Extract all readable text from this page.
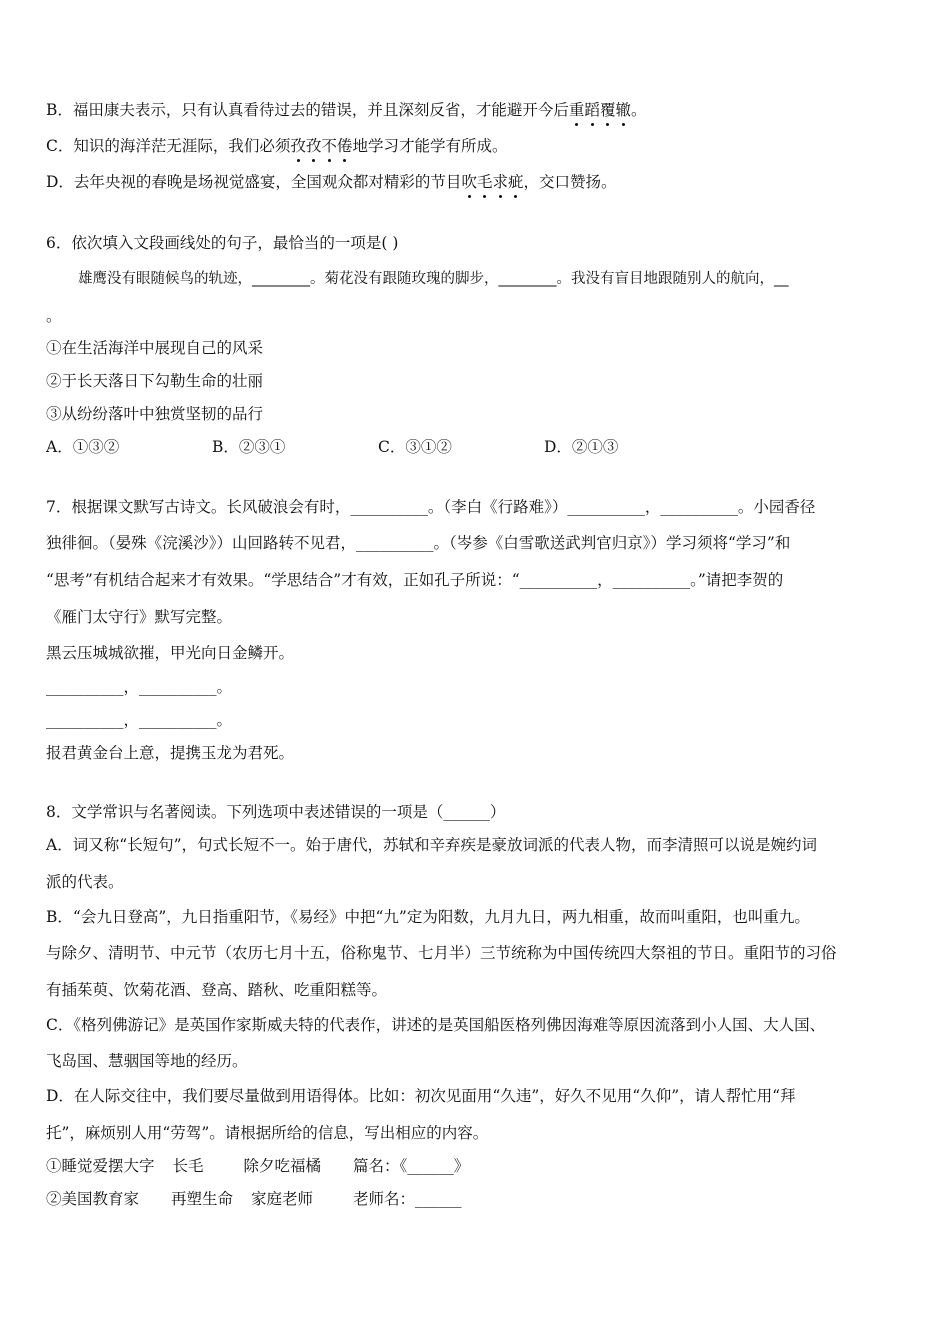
B．福田康夫表示，只有认真看待过去的错误，并且深刻反省，才能避开今后重蹈覆辙。
C．知识的海洋茫无涯际，我们必须孜孜不倦地学习才能学有所成。
D．去年央视的春晚是场视觉盛宴，全国观众都对精彩的节目吹毛求疵，交口赞扬。
6．依次填入文段画线处的句子，最恰当的一项是( )
雄鹰没有眼随候鸟的轨迹，________。菊花没有跟随玫瑰的脚步，________。我没有盲目地跟随别人的航向，__
。
①在生活海洋中展现自己的风采
②于长天落日下勾勒生命的壮丽
③从纷纷落叶中独赏坚韧的品行
A．①③②	B．②③①	C．③①②	D．②①③
7．根据课文默写古诗文。长风破浪会有时，__________。（李白《行路难》）__________，__________。小园香径
独徘徊。（晏殊《浣溪沙》）山回路转不见君，__________。（岑参《白雪歌送武判官归京》）学习须将“学习”和
“思考”有机结合起来才有效果。“学思结合”才有效，正如孔子所说：“__________，__________。”请把李贺的
《雁门太守行》默写完整。
黑云压城城欲摧，甲光向日金鳞开。
__________，__________。
__________，__________。
报君黄金台上意，提携玉龙为君死。
8．文学常识与名著阅读。下列选项中表述错误的一项是（______）
A．词又称“长短句”，句式长短不一。始于唐代，苏轼和辛弃疾是豪放词派的代表人物，而李清照可以说是婉约词
派的代表。
B．“会九日登高”，九日指重阳节，《易经》中把“九”定为阳数，九月九日，两九相重，故而叫重阳，也叫重九。
与除夕、清明节、中元节（农历七月十五，俗称鬼节、七月半）三节统称为中国传统四大祭祖的节日。重阳节的习俗
有插茱萸、饮菊花酒、登高、踏秋、吃重阳糕等。
C．《格列佛游记》是英国作家斯威夫特的代表作，讲述的是英国船医格列佛因海难等原因流落到小人国、大人国、
飞岛国、慧骃国等地的经历。
D．在人际交往中，我们要尽量做到用语得体。比如：初次见面用“久违”，好久不见用“久仰”，请人帮忙用“拜
托”，麻烦别人用“劳驾”。请根据所给的信息，写出相应的内容。
①睡觉爱摆大字 长毛	除夕吃福橘 篇名：《______》
②美国教育家 再塑生命 家庭老师	老师名：______
